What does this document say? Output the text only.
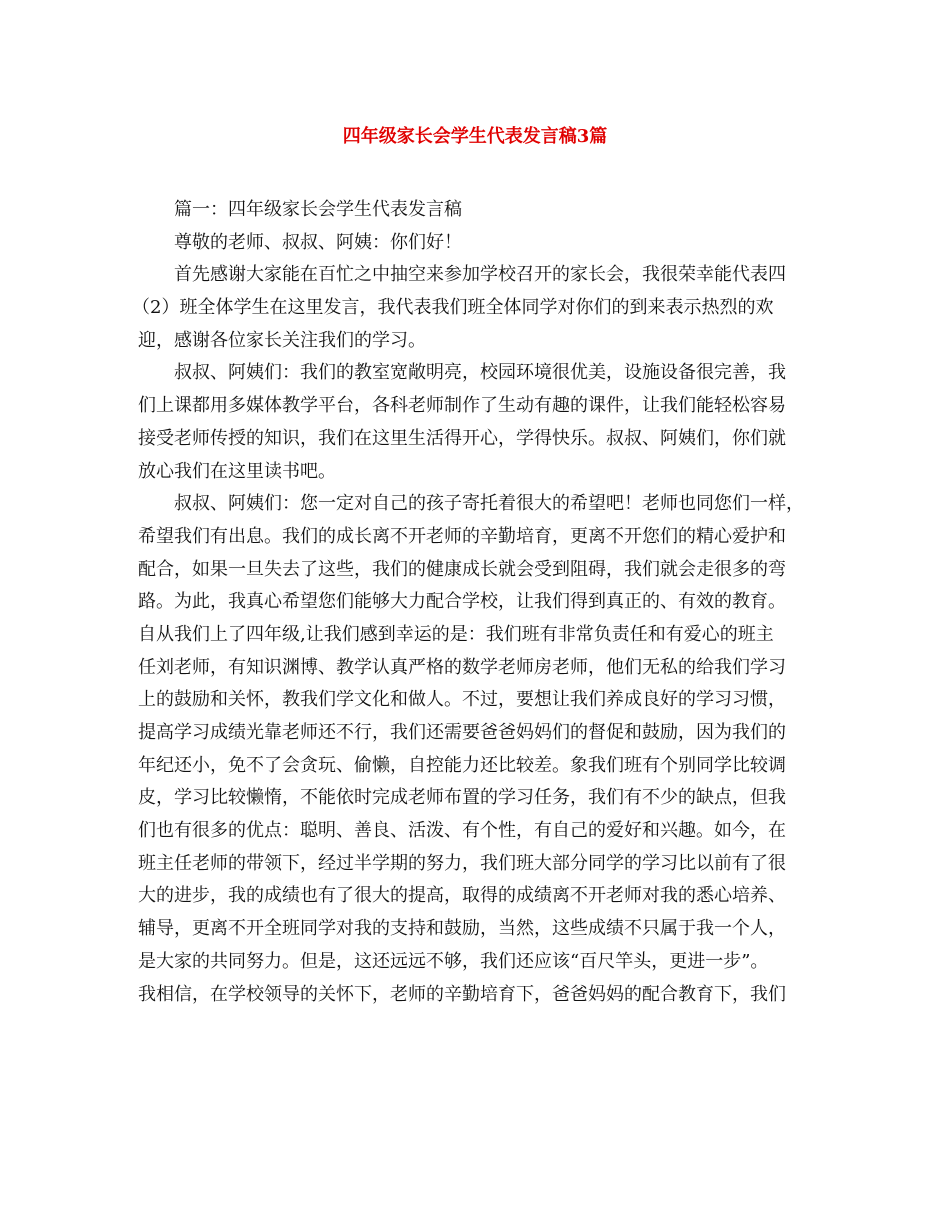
四年级家长会学生代表发言稿3篇
篇一：四年级家长会学生代表发言稿
尊敬的老师、叔叔、阿姨：你们好！
首先感谢大家能在百忙之中抽空来参加学校召开的家长会，我很荣幸能代表四
（2）班全体学生在这里发言，我代表我们班全体同学对你们的到来表示热烈的欢
迎，感谢各位家长关注我们的学习。
叔叔、阿姨们：我们的教室宽敞明亮，校园环境很优美，设施设备很完善，我
们上课都用多媒体教学平台，各科老师制作了生动有趣的课件，让我们能轻松容易
接受老师传授的知识，我们在这里生活得开心，学得快乐。叔叔、阿姨们，你们就
放心我们在这里读书吧。
叔叔、阿姨们：您一定对自己的孩子寄托着很大的希望吧！老师也同您们一样，
希望我们有出息。我们的成长离不开老师的辛勤培育，更离不开您们的精心爱护和
配合，如果一旦失去了这些，我们的健康成长就会受到阻碍，我们就会走很多的弯
路。为此，我真心希望您们能够大力配合学校，让我们得到真正的、有效的教育。
自从我们上了四年级,让我们感到幸运的是：我们班有非常负责任和有爱心的班主
任刘老师，有知识渊博、教学认真严格的数学老师房老师，他们无私的给我们学习
上的鼓励和关怀，教我们学文化和做人。不过，要想让我们养成良好的学习习惯，
提高学习成绩光靠老师还不行，我们还需要爸爸妈妈们的督促和鼓励，因为我们的
年纪还小，免不了会贪玩、偷懒，自控能力还比较差。象我们班有个别同学比较调
皮，学习比较懒惰，不能依时完成老师布置的学习任务，我们有不少的缺点，但我
们也有很多的优点：聪明、善良、活泼、有个性，有自己的爱好和兴趣。如今，在
班主任老师的带领下，经过半学期的努力，我们班大部分同学的学习比以前有了很
大的进步，我的成绩也有了很大的提高，取得的成绩离不开老师对我的悉心培养、
辅导，更离不开全班同学对我的支持和鼓励，当然，这些成绩不只属于我一个人，
是大家的共同努力。但是，这还远远不够，我们还应该“百尺竿头，更进一步”。
我相信，在学校领导的关怀下，老师的辛勤培育下，爸爸妈妈的配合教育下，我们
